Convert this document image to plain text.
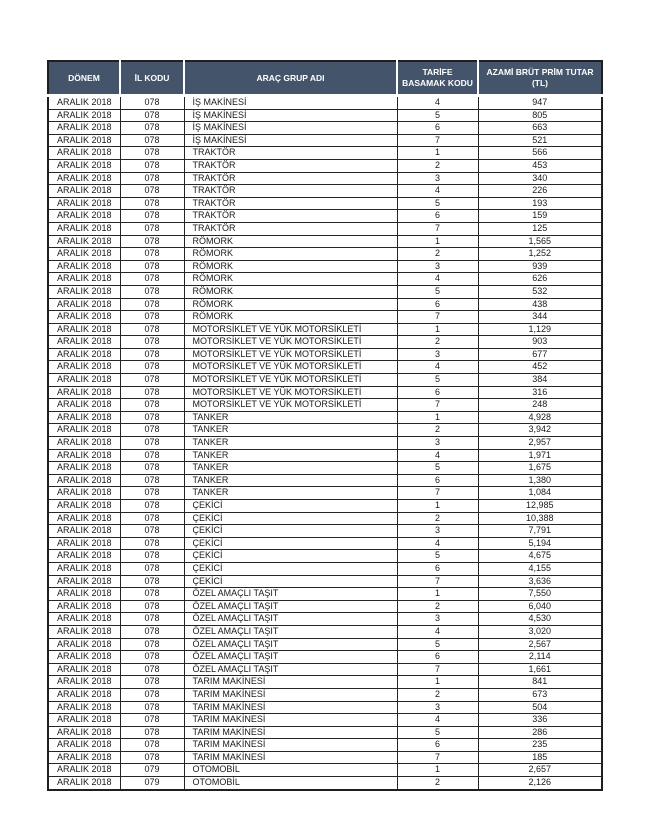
DÖNEM	İL KODU	ARAÇ GRUP ADI	TARİFE BASAMAK KODU	AZAMİ BRÜT PRİM TUTAR (TL)
ARALIK 2018	078	İŞ MAKİNESİ	4	947
ARALIK 2018	078	İŞ MAKİNESİ	5	805
ARALIK 2018	078	İŞ MAKİNESİ	6	663
ARALIK 2018	078	İŞ MAKİNESİ	7	521
ARALIK 2018	078	TRAKTÖR	1	566
ARALIK 2018	078	TRAKTÖR	2	453
ARALIK 2018	078	TRAKTÖR	3	340
ARALIK 2018	078	TRAKTÖR	4	226
ARALIK 2018	078	TRAKTÖR	5	193
ARALIK 2018	078	TRAKTÖR	6	159
ARALIK 2018	078	TRAKTÖR	7	125
ARALIK 2018	078	RÖMORK	1	1,565
ARALIK 2018	078	RÖMORK	2	1,252
ARALIK 2018	078	RÖMORK	3	939
ARALIK 2018	078	RÖMORK	4	626
ARALIK 2018	078	RÖMORK	5	532
ARALIK 2018	078	RÖMORK	6	438
ARALIK 2018	078	RÖMORK	7	344
ARALIK 2018	078	MOTORSİKLET VE YÜK MOTORSİKLETİ	1	1,129
ARALIK 2018	078	MOTORSİKLET VE YÜK MOTORSİKLETİ	2	903
ARALIK 2018	078	MOTORSİKLET VE YÜK MOTORSİKLETİ	3	677
ARALIK 2018	078	MOTORSİKLET VE YÜK MOTORSİKLETİ	4	452
ARALIK 2018	078	MOTORSİKLET VE YÜK MOTORSİKLETİ	5	384
ARALIK 2018	078	MOTORSİKLET VE YÜK MOTORSİKLETİ	6	316
ARALIK 2018	078	MOTORSİKLET VE YÜK MOTORSİKLETİ	7	248
ARALIK 2018	078	TANKER	1	4,928
ARALIK 2018	078	TANKER	2	3,942
ARALIK 2018	078	TANKER	3	2,957
ARALIK 2018	078	TANKER	4	1,971
ARALIK 2018	078	TANKER	5	1,675
ARALIK 2018	078	TANKER	6	1,380
ARALIK 2018	078	TANKER	7	1,084
ARALIK 2018	078	ÇEKİCİ	1	12,985
ARALIK 2018	078	ÇEKİCİ	2	10,388
ARALIK 2018	078	ÇEKİCİ	3	7,791
ARALIK 2018	078	ÇEKİCİ	4	5,194
ARALIK 2018	078	ÇEKİCİ	5	4,675
ARALIK 2018	078	ÇEKİCİ	6	4,155
ARALIK 2018	078	ÇEKİCİ	7	3,636
ARALIK 2018	078	ÖZEL AMAÇLI TAŞIT	1	7,550
ARALIK 2018	078	ÖZEL AMAÇLI TAŞIT	2	6,040
ARALIK 2018	078	ÖZEL AMAÇLI TAŞIT	3	4,530
ARALIK 2018	078	ÖZEL AMAÇLI TAŞIT	4	3,020
ARALIK 2018	078	ÖZEL AMAÇLI TAŞIT	5	2,567
ARALIK 2018	078	ÖZEL AMAÇLI TAŞIT	6	2,114
ARALIK 2018	078	ÖZEL AMAÇLI TAŞIT	7	1,661
ARALIK 2018	078	TARIM MAKİNESİ	1	841
ARALIK 2018	078	TARIM MAKİNESİ	2	673
ARALIK 2018	078	TARIM MAKİNESİ	3	504
ARALIK 2018	078	TARIM MAKİNESİ	4	336
ARALIK 2018	078	TARIM MAKİNESİ	5	286
ARALIK 2018	078	TARIM MAKİNESİ	6	235
ARALIK 2018	078	TARIM MAKİNESİ	7	185
ARALIK 2018	079	OTOMOBİL	1	2,657
ARALIK 2018	079	OTOMOBİL	2	2,126
